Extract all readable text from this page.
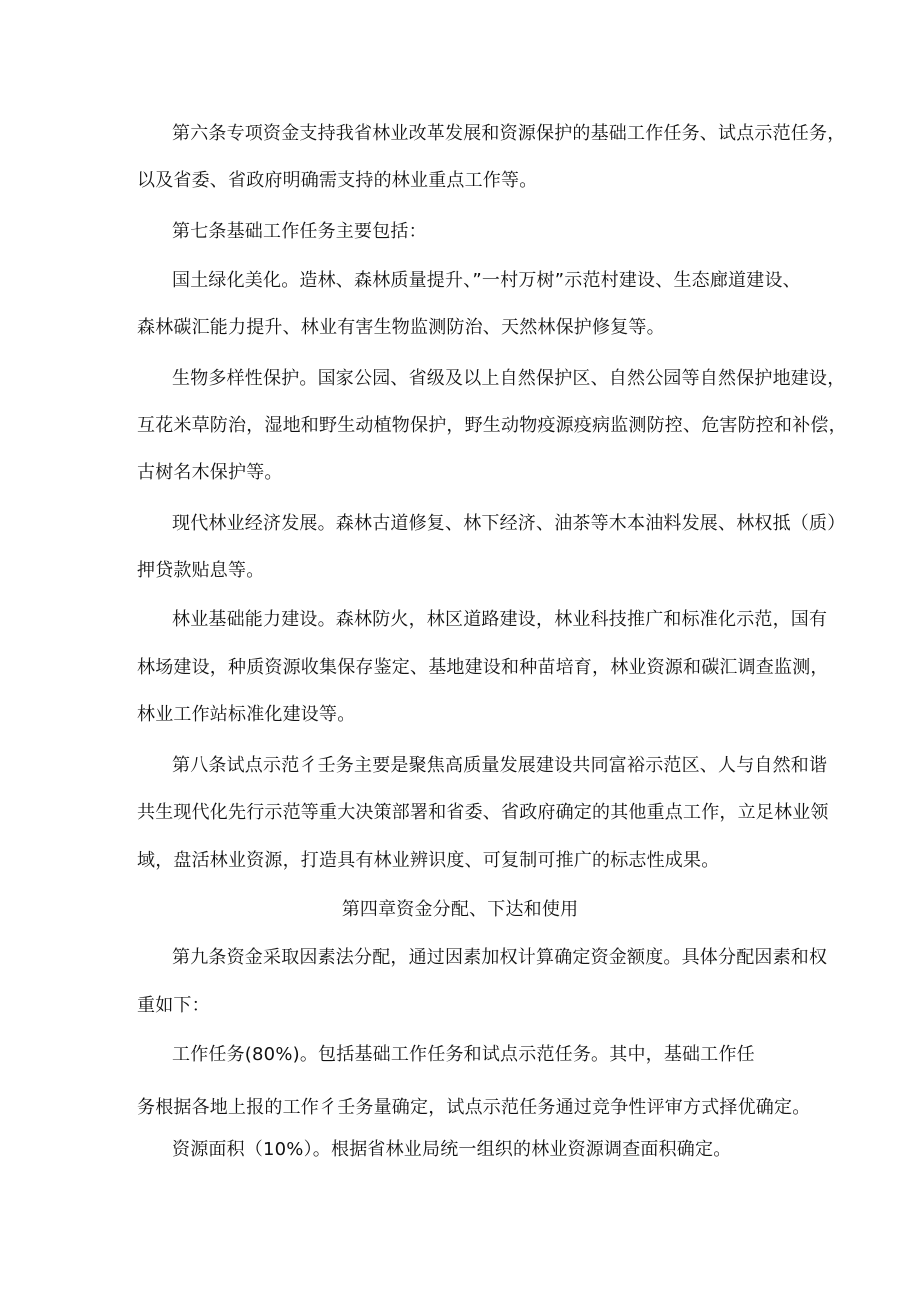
第六条专项资金支持我省林业改革发展和资源保护的基础工作任务、试点示范任务，
以及省委、省政府明确需支持的林业重点工作等。
第七条基础工作任务主要包括：
国土绿化美化。造林、森林质量提升、”一村万树”示范村建设、生态廊道建设、
森林碳汇能力提升、林业有害生物监测防治、天然林保护修复等。
生物多样性保护。国家公园、省级及以上自然保护区、自然公园等自然保护地建设，
互花米草防治，湿地和野生动植物保护，野生动物疫源疫病监测防控、危害防控和补偿，
古树名木保护等。
现代林业经济发展。森林古道修复、林下经济、油茶等木本油料发展、林权抵（质）
押贷款贴息等。
林业基础能力建设。森林防火，林区道路建设，林业科技推广和标准化示范，国有
林场建设，种质资源收集保存鉴定、基地建设和种苗培育，林业资源和碳汇调查监测，
林业工作站标准化建设等。
第八条试点示范彳壬务主要是聚焦高质量发展建设共同富裕示范区、人与自然和谐
共生现代化先行示范等重大决策部署和省委、省政府确定的其他重点工作，立足林业领
域，盘活林业资源，打造具有林业辨识度、可复制可推广的标志性成果。
第四章资金分配、下达和使用
第九条资金采取因素法分配，通过因素加权计算确定资金额度。具体分配因素和权
重如下：
工作任务(80%)。包括基础工作任务和试点示范任务。其中，基础工作任
务根据各地上报的工作彳壬务量确定，试点示范任务通过竞争性评审方式择优确定。
资源面积（10%）。根据省林业局统一组织的林业资源调查面积确定。
